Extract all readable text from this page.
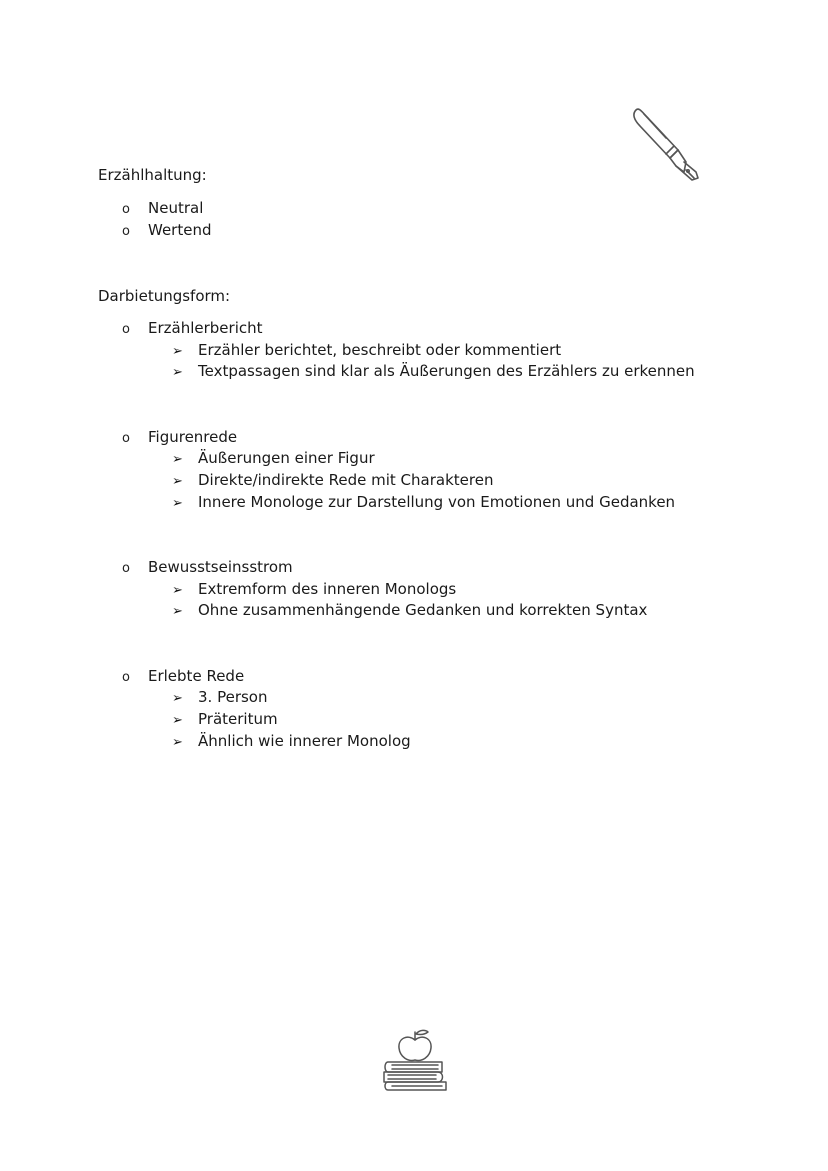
Erzählhaltung:
o Neutral
o Wertend
Darbietungsform:
o Erzählerbericht
➢ Erzähler berichtet, beschreibt oder kommentiert
➢ Textpassagen sind klar als Äußerungen des Erzählers zu erkennen
o Figurenrede
➢ Äußerungen einer Figur
➢ Direkte/indirekte Rede mit Charakteren
➢ Innere Monologe zur Darstellung von Emotionen und Gedanken
o Bewusstseinsstrom
➢ Extremform des inneren Monologs
➢ Ohne zusammenhängende Gedanken und korrekten Syntax
o Erlebte Rede
➢ 3. Person
➢ Präteritum
➢ Ähnlich wie innerer Monolog
